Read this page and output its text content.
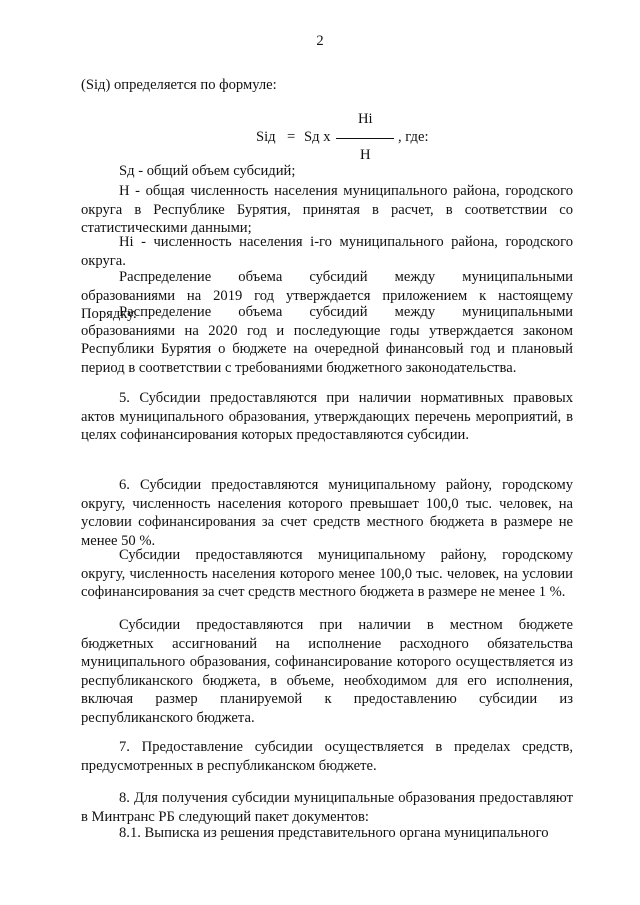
2

(Siд) определяется по формуле:

Siд = Sд х
Hi
H
, где:

Sд - общий объем субсидий;

Н - общая численность населения муниципального района, городского округа в Республике Бурятия, принятая в расчет, в соответствии со статистическими данными;

Нi - численность населения i-го муниципального района, городского округа.

Распределение объема субсидий между муниципальными образованиями на 2019 год утверждается приложением к настоящему Порядку.

Распределение объема субсидий между муниципальными образованиями на 2020 год и последующие годы утверждается законом Республики Бурятия о бюджете на очередной финансовый год и плановый период в соответствии с требованиями бюджетного законодательства.

5. Субсидии предоставляются при наличии нормативных правовых актов муниципального образования, утверждающих перечень мероприятий, в целях софинансирования которых предоставляются субсидии.

6. Субсидии предоставляются муниципальному району, городскому округу, численность населения которого превышает 100,0 тыс. человек, на условии софинансирования за счет средств местного бюджета в размере не менее 50 %.

Субсидии предоставляются муниципальному району, городскому округу, численность населения которого менее 100,0 тыс. человек, на условии софинансирования за счет средств местного бюджета в размере не менее 1 %.

Субсидии предоставляются при наличии в местном бюджете бюджетных ассигнований на исполнение расходного обязательства муниципального образования, софинансирование которого осуществляется из республиканского бюджета, в объеме, необходимом для его исполнения, включая размер планируемой к предоставлению субсидии из республиканского бюджета.

7. Предоставление субсидии осуществляется в пределах средств, предусмотренных в республиканском бюджете.

8. Для получения субсидии муниципальные образования предоставляют в Минтранс РБ следующий пакет документов:

8.1. Выписка из решения представительного органа муниципального
